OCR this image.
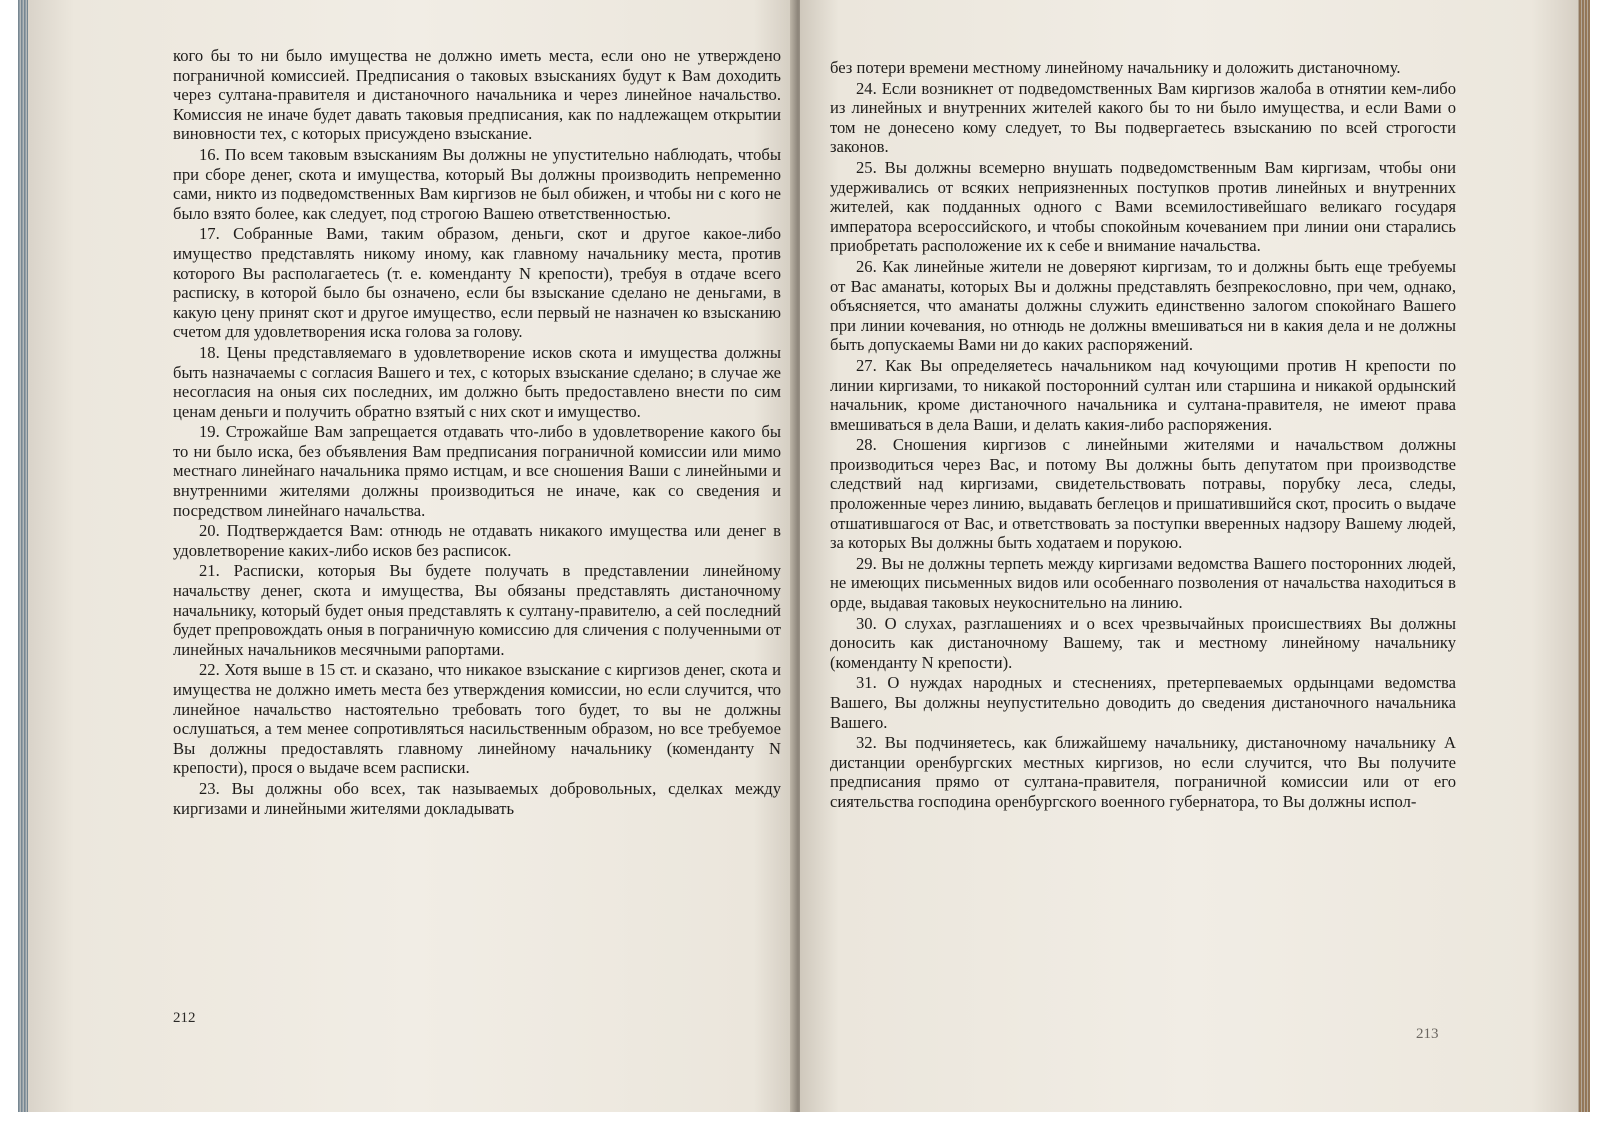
кого бы то ни было имущества не должно иметь места, если оно не утверждено пограничной комиссией. Предписания о таковых взысканиях будут к Вам доходить через султана-правителя и дистаночного начальника и через линейное начальство. Комиссия не иначе будет давать таковыя предписания, как по надлежащем открытии виновности тех, с которых присуждено взыскание.

16. По всем таковым взысканиям Вы должны не упустительно наблюдать, чтобы при сборе денег, скота и имущества, который Вы должны производить непременно сами, никто из подведомственных Вам киргизов не был обижен, и чтобы ни с кого не было взято более, как следует, под строгою Вашею ответственностью.

17. Собранные Вами, таким образом, деньги, скот и другое какое-либо имущество представлять никому иному, как главному начальнику места, против которого Вы располагаетесь (т. е. коменданту N крепости), требуя в отдаче всего расписку, в которой было бы означено, если бы взыскание сделано не деньгами, в какую цену принят скот и другое имущество, если первый не назначен ко взысканию счетом для удовлетворения иска голова за голову.

18. Цены представляемаго в удовлетворение исков скота и имущества должны быть назначаемы с согласия Вашего и тех, с которых взыскание сделано; в случае же несогласия на оныя сих последних, им должно быть предоставлено внести по сим ценам деньги и получить обратно взятый с них скот и имущество.

19. Строжайше Вам запрещается отдавать что-либо в удовлетворение какого бы то ни было иска, без объявления Вам предписания пограничной комиссии или мимо местнаго линейнаго начальника прямо истцам, и все сношения Ваши с линейными и внутренними жителями должны производиться не иначе, как со сведения и посредством линейнаго начальства.

20. Подтверждается Вам: отнюдь не отдавать никакого имущества или денег в удовлетворение каких-либо исков без расписок.

21. Расписки, которыя Вы будете получать в представлении линейному начальству денег, скота и имущества, Вы обязаны представлять дистаночному начальнику, который будет оныя представлять к султану-правителю, а сей последний будет препровождать оныя в пограничную комиссию для сличения с полученными от линейных начальников месячными рапортами.

22. Хотя выше в 15 ст. и сказано, что никакое взыскание с киргизов денег, скота и имущества не должно иметь места без утверждения комиссии, но если случится, что линейное начальство настоятельно требовать того будет, то вы не должны ослушаться, а тем менее сопротивляться насильственным образом, но все требуемое Вы должны предоставлять главному линейному начальнику (коменданту N крепости), прося о выдаче всем расписки.

23. Вы должны обо всех, так называемых добровольных, сделках между киргизами и линейными жителями докладывать

212

без потери времени местному линейному начальнику и доложить дистаночному.

24. Если возникнет от подведомственных Вам киргизов жалоба в отнятии кем-либо из линейных и внутренних жителей какого бы то ни было имущества, и если Вами о том не донесено кому следует, то Вы подвергаетесь взысканию по всей строгости законов.

25. Вы должны всемерно внушать подведомственным Вам киргизам, чтобы они удерживались от всяких неприязненных поступков против линейных и внутренних жителей, как подданных одного с Вами всемилостивейшаго великаго государя императора всероссийского, и чтобы спокойным кочеванием при линии они старались приобретать расположение их к себе и внимание начальства.

26. Как линейные жители не доверяют киргизам, то и должны быть еще требуемы от Вас аманаты, которых Вы и должны представлять безпрекословно, при чем, однако, объясняется, что аманаты должны служить единственно залогом спокойнаго Вашего при линии кочевания, но отнюдь не должны вмешиваться ни в какия дела и не должны быть допускаемы Вами ни до каких распоряжений.

27. Как Вы определяетесь начальником над кочующими против Н крепости по линии киргизами, то никакой посторонний султан или старшина и никакой ордынский начальник, кроме дистаночного начальника и султана-правителя, не имеют права вмешиваться в дела Ваши, и делать какия-либо распоряжения.

28. Сношения киргизов с линейными жителями и начальством должны производиться через Вас, и потому Вы должны быть депутатом при производстве следствий над киргизами, свидетельствовать потравы, порубку леса, следы, проложенные через линию, выдавать беглецов и пришатившийся скот, просить о выдаче отшатившагося от Вас, и ответствовать за поступки вверенных надзору Вашему людей, за которых Вы должны быть ходатаем и порукою.

29. Вы не должны терпеть между киргизами ведомства Вашего посторонних людей, не имеющих письменных видов или особеннаго позволения от начальства находиться в орде, выдавая таковых неукоснительно на линию.

30. О слухах, разглашениях и о всех чрезвычайных происшествиях Вы должны доносить как дистаночному Вашему, так и местному линейному начальнику (коменданту N крепости).

31. О нуждах народных и стеснениях, претерпеваемых ордынцами ведомства Вашего, Вы должны неупустительно доводить до сведения дистаночного начальника Вашего.

32. Вы подчиняетесь, как ближайшему начальнику, дистаночному начальнику А дистанции оренбургских местных киргизов, но если случится, что Вы получите предписания прямо от султана-правителя, пограничной комиссии или от его сиятельства господина оренбургского военного губернатора, то Вы должны испол-

213
